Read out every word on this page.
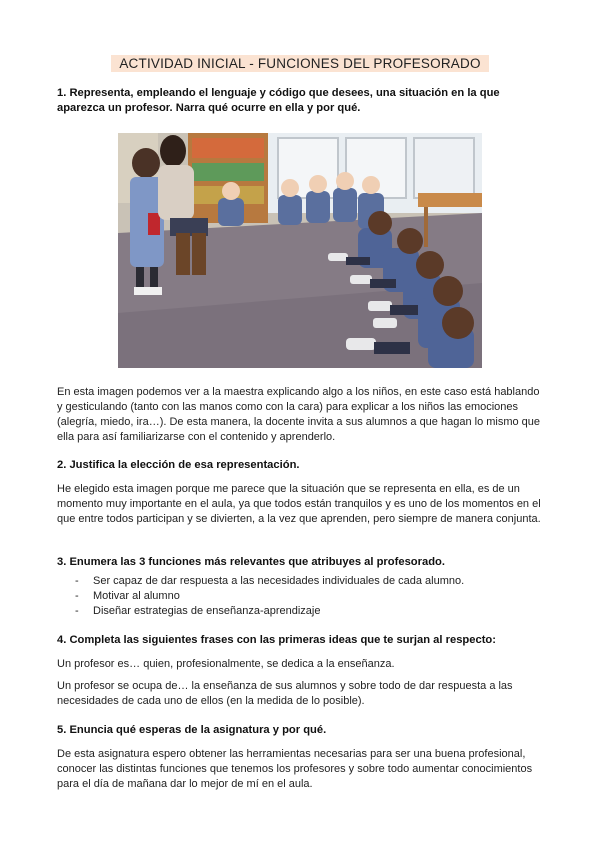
ACTIVIDAD INICIAL - FUNCIONES DEL PROFESORADO

1. Representa, empleando el lenguaje y código que desees, una situación en la que aparezca un profesor. Narra qué ocurre en ella y por qué.

En esta imagen podemos ver a la maestra explicando algo a los niños, en este caso está hablando y gesticulando (tanto con las manos como con la cara) para explicar a los niños las emociones (alegría, miedo, ira…). De esta manera, la docente invita a sus alumnos a que hagan lo mismo que ella para así familiarizarse con el contenido y aprenderlo.

2. Justifica la elección de esa representación.

He elegido esta imagen porque me parece que la situación que se representa en ella, es de un momento muy importante en el aula, ya que todos están tranquilos y es uno de los momentos en el que entre todos participan y se divierten, a la vez que aprenden, pero siempre de manera conjunta.

3. Enumera las 3 funciones más relevantes que atribuyes al profesorado.

- Ser capaz de dar respuesta a las necesidades individuales de cada alumno.
- Motivar al alumno
- Diseñar estrategias de enseñanza-aprendizaje

4. Completa las siguientes frases con las primeras ideas que te surjan al respecto:

Un profesor es… quien, profesionalmente, se dedica a la enseñanza.

Un profesor se ocupa de… la enseñanza de sus alumnos y sobre todo de dar respuesta a las necesidades de cada uno de ellos (en la medida de lo posible).

5. Enuncia qué esperas de la asignatura y por qué.

De esta asignatura espero obtener las herramientas necesarias para ser una buena profesional, conocer las distintas funciones que tenemos los profesores y sobre todo aumentar conocimientos para el día de mañana dar lo mejor de mí en el aula.
